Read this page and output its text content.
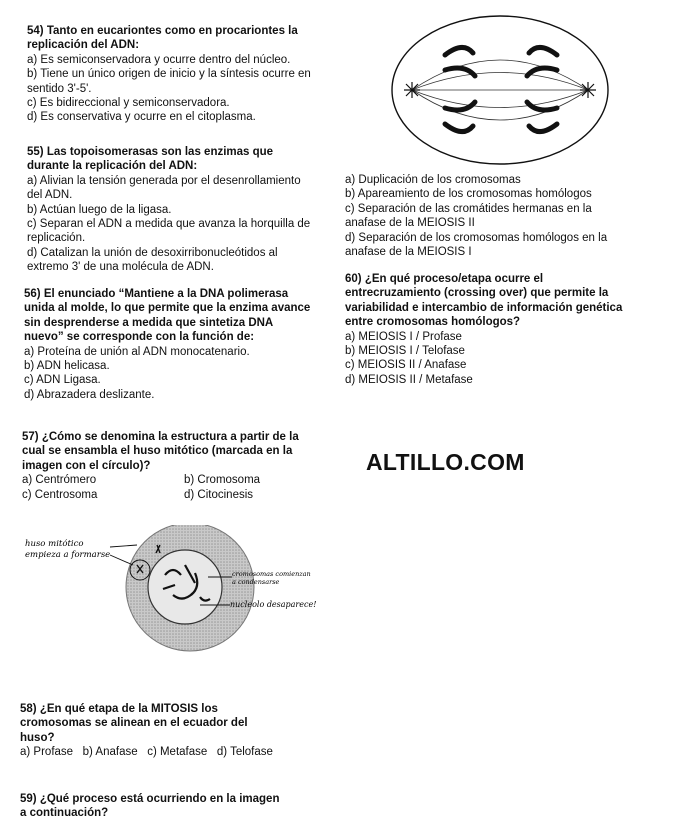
54) Tanto en eucariontes como en procariontes la replicación del ADN:
a) Es semiconservadora y ocurre dentro del núcleo.
b) Tiene un único origen de inicio y la síntesis ocurre en sentido 3'-5'.
c) Es bidireccional y semiconservadora.
d) Es conservativa y ocurre en el citoplasma.
55) Las topoisomerasas son las enzimas que durante la replicación del ADN:
a) Alivian la tensión generada por el desenrollamiento del ADN.
b) Actúan luego de la ligasa.
c) Separan el ADN a medida que avanza la horquilla de replicación.
d) Catalizan la unión de desoxirribonucleótidos al extremo 3' de una molécula de ADN.
56) El enunciado “Mantiene a la DNA polimerasa unida al molde, lo que permite que la enzima avance sin desprenderse a medida que sintetiza DNA nuevo” se corresponde con la función de:
a) Proteína de unión al ADN monocatenario.
b) ADN helicasa.
c) ADN Ligasa.
d) Abrazadera deslizante.
57) ¿Cómo se denomina la estructura a partir de la cual se ensambla el huso mitótico (marcada en la imagen con el círculo)?
a) Centrómero	b) Cromosoma
c) Centrosoma	d) Citocinesis
huso mitótico
empieza a formarse
cromosomas comienzan
a condensarse
nucleolo desaparece!
58) ¿En qué etapa de la MITOSIS los cromosomas se alinean en el ecuador del huso?
a) Profase   b) Anafase   c) Metafase   d) Telofase
59) ¿Qué proceso está ocurriendo en la imagen a continuación?
a) Duplicación de los cromosomas
b) Apareamiento de los cromosomas homólogos
c) Separación de las cromátides hermanas en la anafase de la MEIOSIS II
d) Separación de los cromosomas homólogos en la anafase de la MEIOSIS I
60) ¿En qué proceso/etapa ocurre el entrecruzamiento (crossing over) que permite la variabilidad e intercambio de información genética entre cromosomas homólogos?
a) MEIOSIS I / Profase
b) MEIOSIS I / Telofase
c) MEIOSIS II / Anafase
d) MEIOSIS II / Metafase
ALTILLO.COM
